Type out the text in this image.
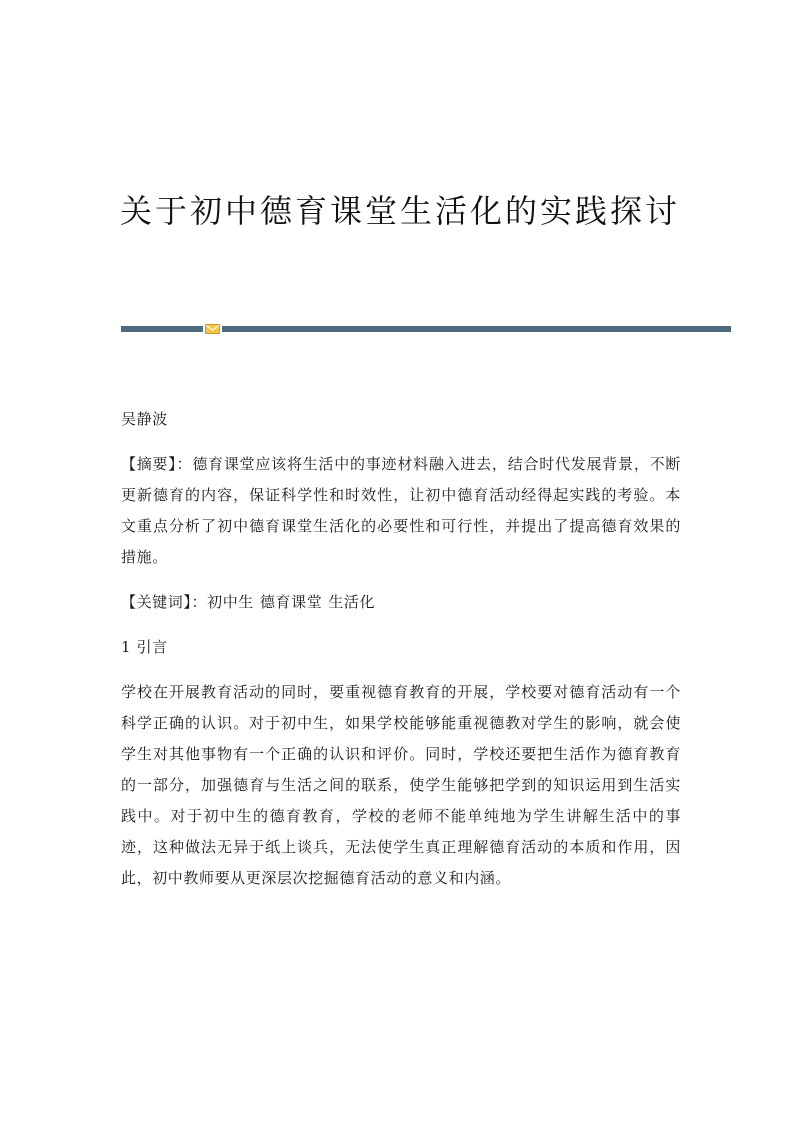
关于初中德育课堂生活化的实践探讨

吴静波

【摘要】：德育课堂应该将生活中的事迹材料融入进去，结合时代发展背景，不断更新德育的内容，保证科学性和时效性，让初中德育活动经得起实践的考验。本文重点分析了初中德育课堂生活化的必要性和可行性，并提出了提高德育效果的措施。

【关键词】：初中生 德育课堂 生活化

1 引言

学校在开展教育活动的同时，要重视德育教育的开展，学校要对德育活动有一个科学正确的认识。对于初中生，如果学校能够能重视德教对学生的影响，就会使学生对其他事物有一个正确的认识和评价。同时，学校还要把生活作为德育教育的一部分，加强德育与生活之间的联系，使学生能够把学到的知识运用到生活实践中。对于初中生的德育教育，学校的老师不能单纯地为学生讲解生活中的事迹，这种做法无异于纸上谈兵，无法使学生真正理解德育活动的本质和作用，因此，初中教师要从更深层次挖掘德育活动的意义和内涵。
